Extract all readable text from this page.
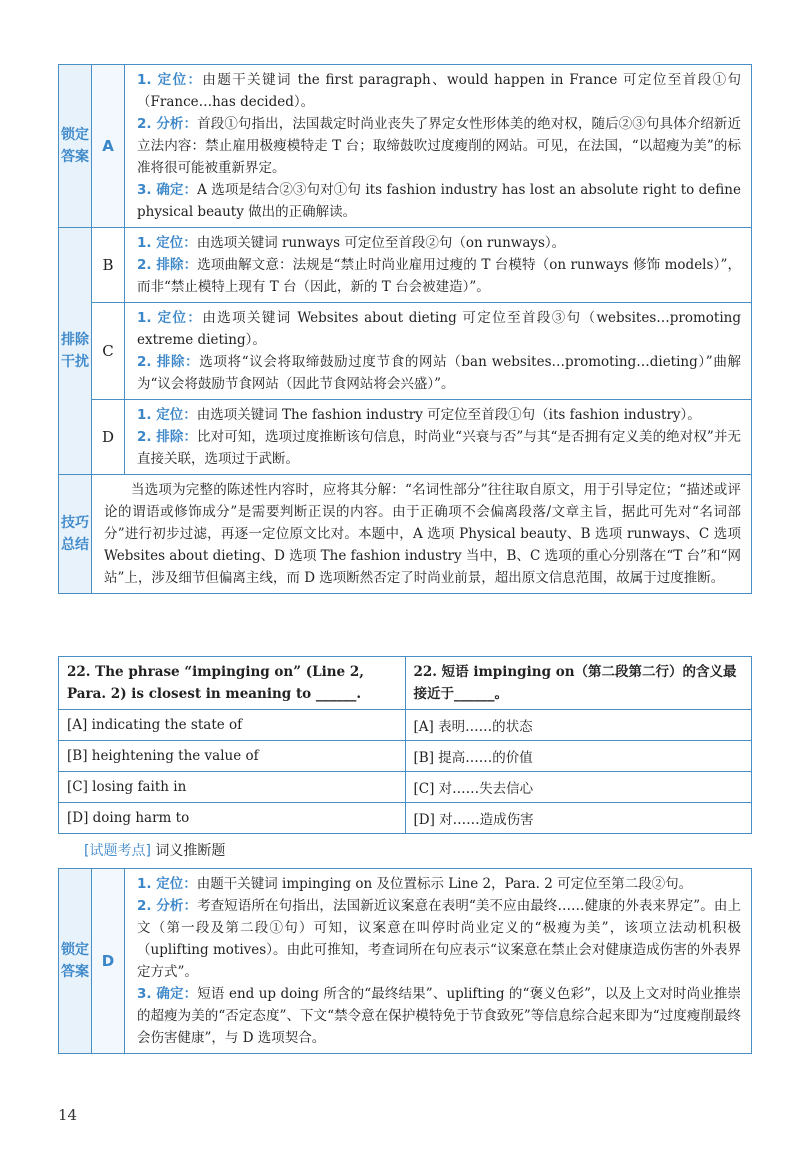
锁定答案	A	1. 定位：由题干关键词 the first paragraph、would happen in France 可定位至首段①句（France…has decided）。

2. 分析：首段①句指出，法国裁定时尚业丧失了界定女性形体美的绝对权，随后②③句具体介绍新近立法内容：禁止雇用极瘦模特走 T 台；取缔鼓吹过度瘦削的网站。可见，在法国，“以超瘦为美”的标准将很可能被重新界定。

3. 确定：A 选项是结合②③句对①句 its fashion industry has lost an absolute right to define physical beauty 做出的正确解读。

排除干扰	B	1. 定位：由选项关键词 runways 可定位至首段②句（on runways）。

2. 排除：选项曲解文意：法规是“禁止时尚业雇用过瘦的 T 台模特（on runways 修饰 models）”，而非“禁止模特上现有 T 台（因此，新的 T 台会被建造）”。

	C	1. 定位：由选项关键词 Websites about dieting 可定位至首段③句（websites…promoting extreme dieting）。

2. 排除：选项将“议会将取缔鼓励过度节食的网站（ban websites…promoting…dieting）”曲解为“议会将鼓励节食网站（因此节食网站将会兴盛）”。

	D	1. 定位：由选项关键词 The fashion industry 可定位至首段①句（its fashion industry）。

2. 排除：比对可知，选项过度推断该句信息，时尚业“兴衰与否”与其“是否拥有定义美的绝对权”并无直接关联，选项过于武断。

技巧总结	当选项为完整的陈述性内容时，应将其分解：“名词性部分”往往取自原文，用于引导定位；“描述或评论的谓语或修饰成分”是需要判断正误的内容。由于正确项不会偏离段落/文章主旨，据此可先对“名词部分”进行初步过滤，再逐一定位原文比对。本题中，A 选项 Physical beauty、B 选项 runways、C 选项 Websites about dieting、D 选项 The fashion industry 当中，B、C 选项的重心分别落在“T 台”和“网站”上，涉及细节但偏离主线，而 D 选项断然否定了时尚业前景，超出原文信息范围，故属于过度推断。	

22. The phrase “impinging on” (Line 2, Para. 2) is closest in meaning to ______.	22. 短语 impinging on（第二段第二行）的含义最接近于______。
[A] indicating the state of	[A] 表明……的状态
[B] heightening the value of	[B] 提高……的价值
[C] losing faith in	[C] 对……失去信心
[D] doing harm to	[D] 对……造成伤害
[试题考点] 词义推断题
锁定答案	D	

1. 定位：由题干关键词 impinging on 及位置标示 Line 2，Para. 2 可定位至第二段②句。

2. 分析：考查短语所在句指出，法国新近议案意在表明“美不应由最终……健康的外表来界定”。由上文（第一段及第二段①句）可知，议案意在叫停时尚业定义的“极瘦为美”，该项立法动机积极（uplifting motives）。由此可推知，考查词所在句应表示“议案意在禁止会对健康造成伤害的外表界定方式”。

3. 确定：短语 end up doing 所含的“最终结果”、uplifting 的“褒义色彩”，以及上文对时尚业推崇的超瘦为美的“否定态度”、下文“禁令意在保护模特免于节食致死”等信息综合起来即为“过度瘦削最终会伤害健康”，与 D 选项契合。

14
